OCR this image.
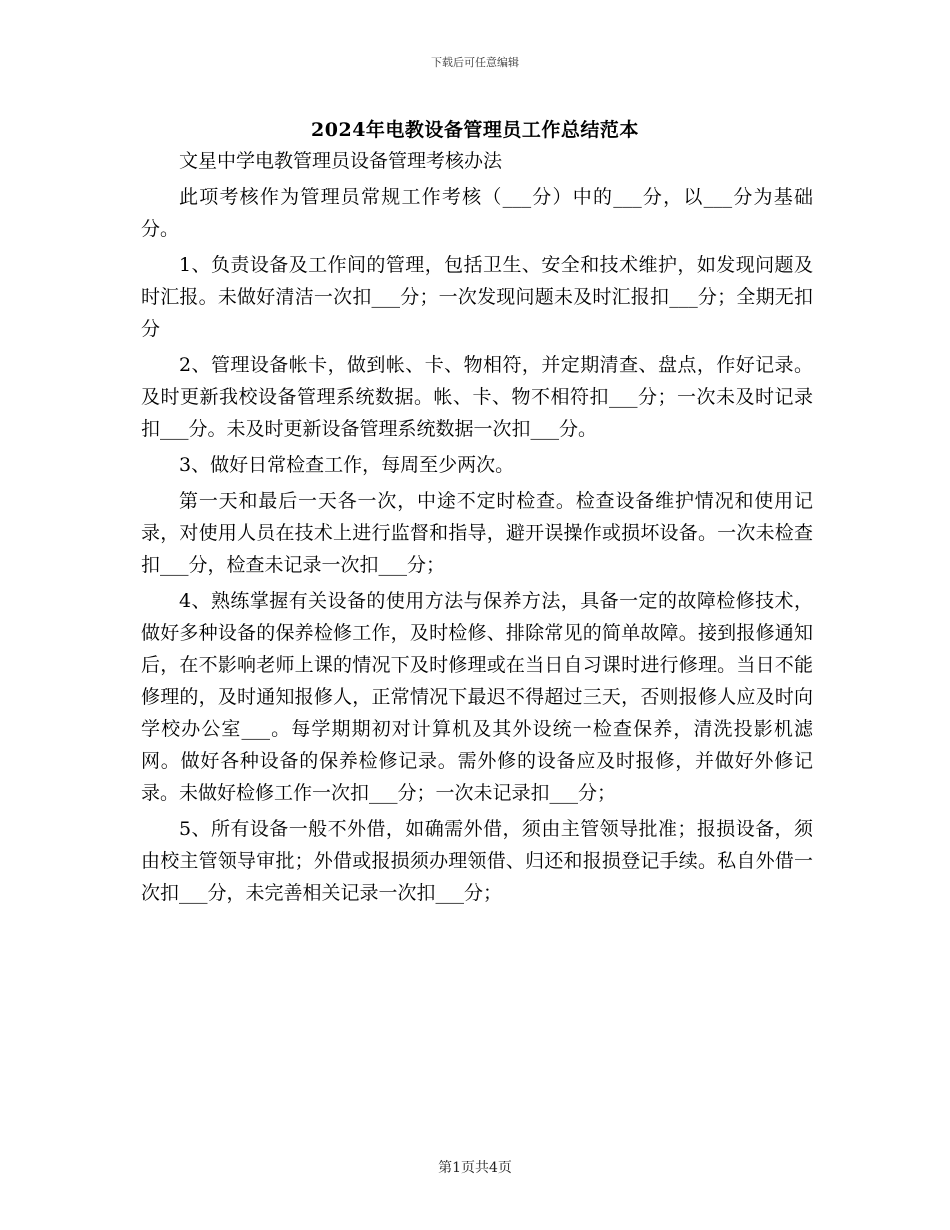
下载后可任意编辑
2024年电教设备管理员工作总结范本

文星中学电教管理员设备管理考核办法

此项考核作为管理员常规工作考核（___分）中的___分，以___分为基础分。

1、负责设备及工作间的管理，包括卫生、安全和技术维护，如发现问题及时汇报。未做好清洁一次扣___分；一次发现问题未及时汇报扣___分；全期无扣分

2、管理设备帐卡，做到帐、卡、物相符，并定期清查、盘点，作好记录。及时更新我校设备管理系统数据。帐、卡、物不相符扣___分；一次未及时记录扣___分。未及时更新设备管理系统数据一次扣___分。

3、做好日常检查工作，每周至少两次。

第一天和最后一天各一次，中途不定时检查。检查设备维护情况和使用记录，对使用人员在技术上进行监督和指导，避开误操作或损坏设备。一次未检查扣___分，检查未记录一次扣___分；

4、熟练掌握有关设备的使用方法与保养方法，具备一定的故障检修技术，做好多种设备的保养检修工作，及时检修、排除常见的简单故障。接到报修通知后，在不影响老师上课的情况下及时修理或在当日自习课时进行修理。当日不能修理的，及时通知报修人，正常情况下最迟不得超过三天，否则报修人应及时向学校办公室___。每学期期初对计算机及其外设统一检查保养，清洗投影机滤网。做好各种设备的保养检修记录。需外修的设备应及时报修，并做好外修记录。未做好检修工作一次扣___分；一次未记录扣___分；

5、所有设备一般不外借，如确需外借，须由主管领导批准；报损设备，须由校主管领导审批；外借或报损须办理领借、归还和报损登记手续。私自外借一次扣___分，未完善相关记录一次扣___分；

第1页共4页
